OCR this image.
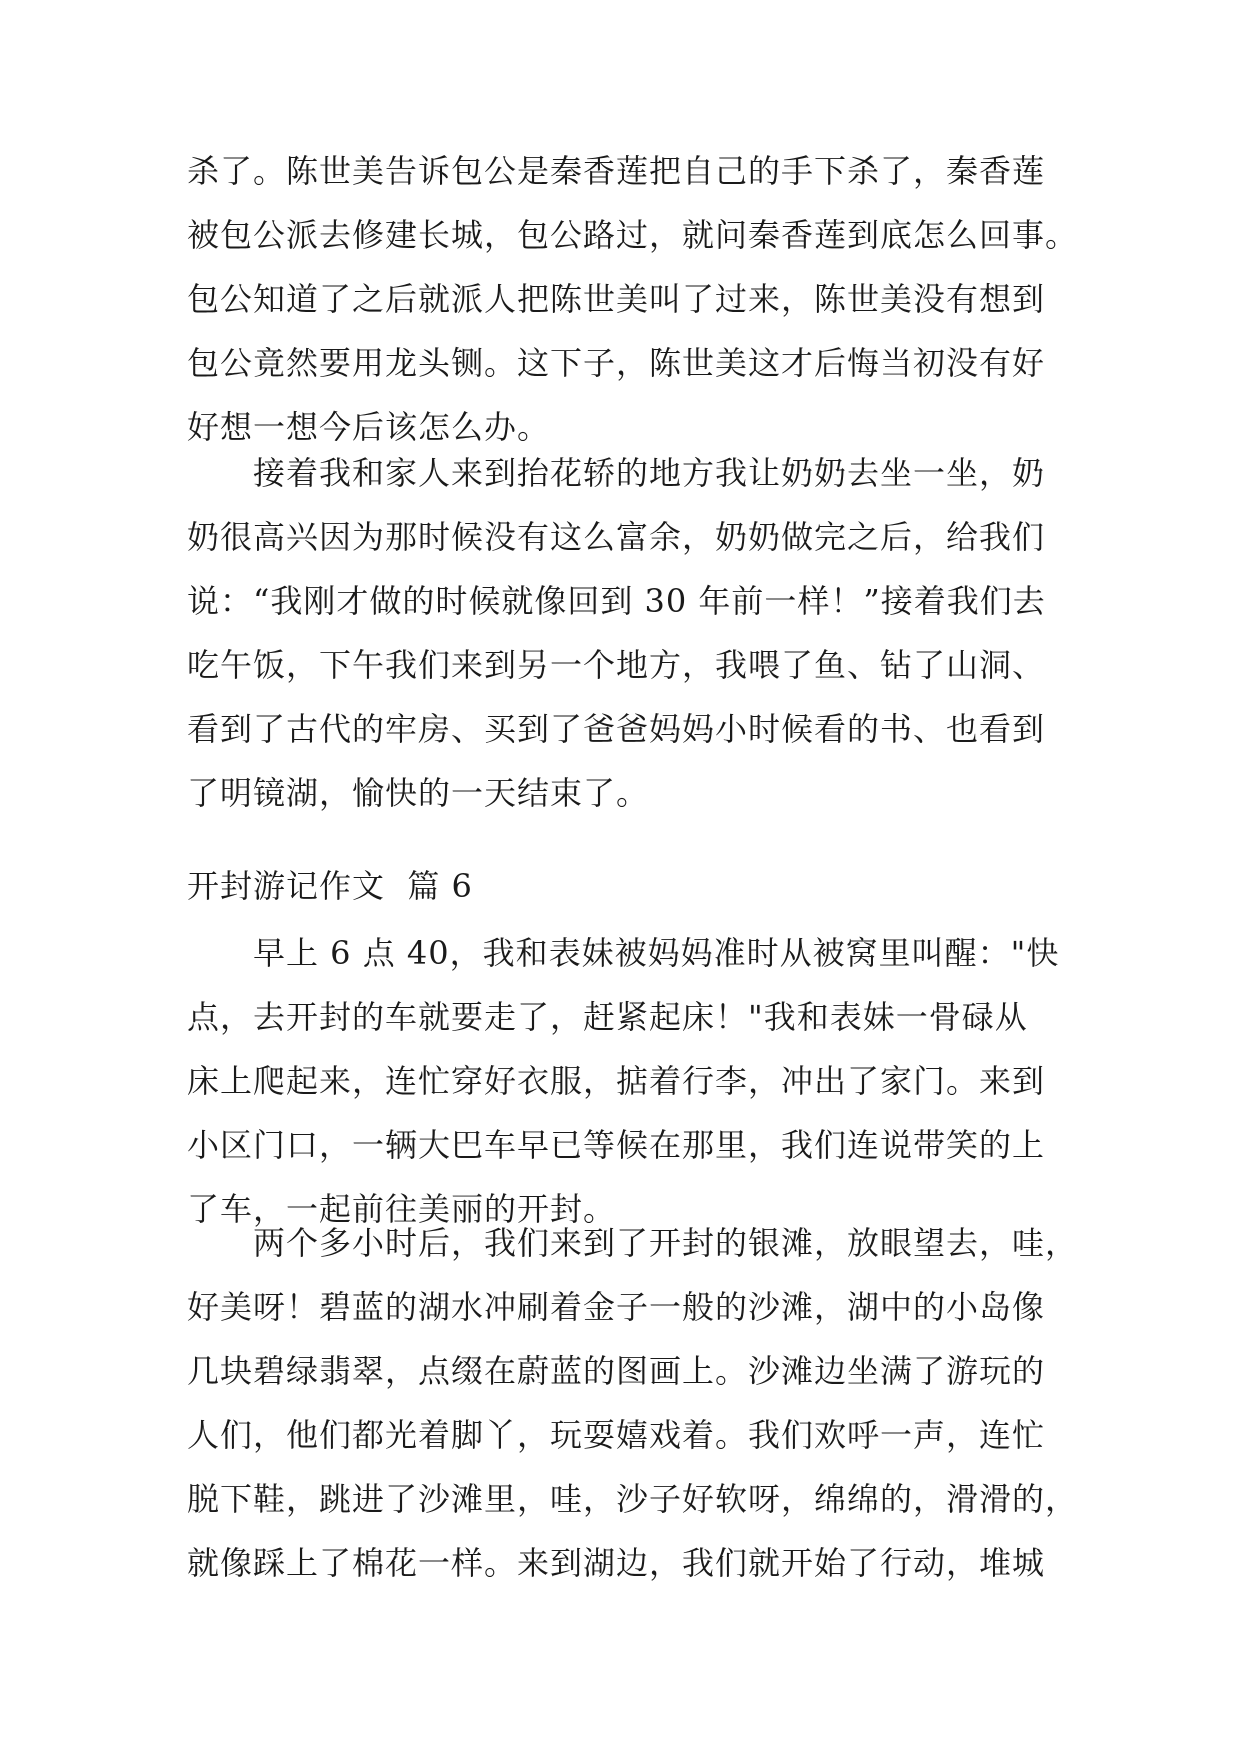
杀了。陈世美告诉包公是秦香莲把自己的手下杀了，秦香莲
被包公派去修建长城，包公路过，就问秦香莲到底怎么回事。
包公知道了之后就派人把陈世美叫了过来，陈世美没有想到
包公竟然要用龙头铡。这下子，陈世美这才后悔当初没有好
好想一想今后该怎么办。
接着我和家人来到抬花轿的地方我让奶奶去坐一坐，奶
奶很高兴因为那时候没有这么富余，奶奶做完之后，给我们
说：“我刚才做的时候就像回到 30 年前一样！”接着我们去
吃午饭，下午我们来到另一个地方，我喂了鱼、钻了山洞、
看到了古代的牢房、买到了爸爸妈妈小时候看的书、也看到
了明镜湖，愉快的一天结束了。
开封游记作文  篇 6
早上 6 点 40，我和表妹被妈妈准时从被窝里叫醒："快
点，去开封的车就要走了，赶紧起床！"我和表妹一骨碌从
床上爬起来，连忙穿好衣服，掂着行李，冲出了家门。来到
小区门口，一辆大巴车早已等候在那里，我们连说带笑的上
了车，一起前往美丽的开封。
两个多小时后，我们来到了开封的银滩，放眼望去，哇，
好美呀！碧蓝的湖水冲刷着金子一般的沙滩，湖中的小岛像
几块碧绿翡翠，点缀在蔚蓝的图画上。沙滩边坐满了游玩的
人们，他们都光着脚丫，玩耍嬉戏着。我们欢呼一声，连忙
脱下鞋，跳进了沙滩里，哇，沙子好软呀，绵绵的，滑滑的，
就像踩上了棉花一样。来到湖边，我们就开始了行动，堆城
